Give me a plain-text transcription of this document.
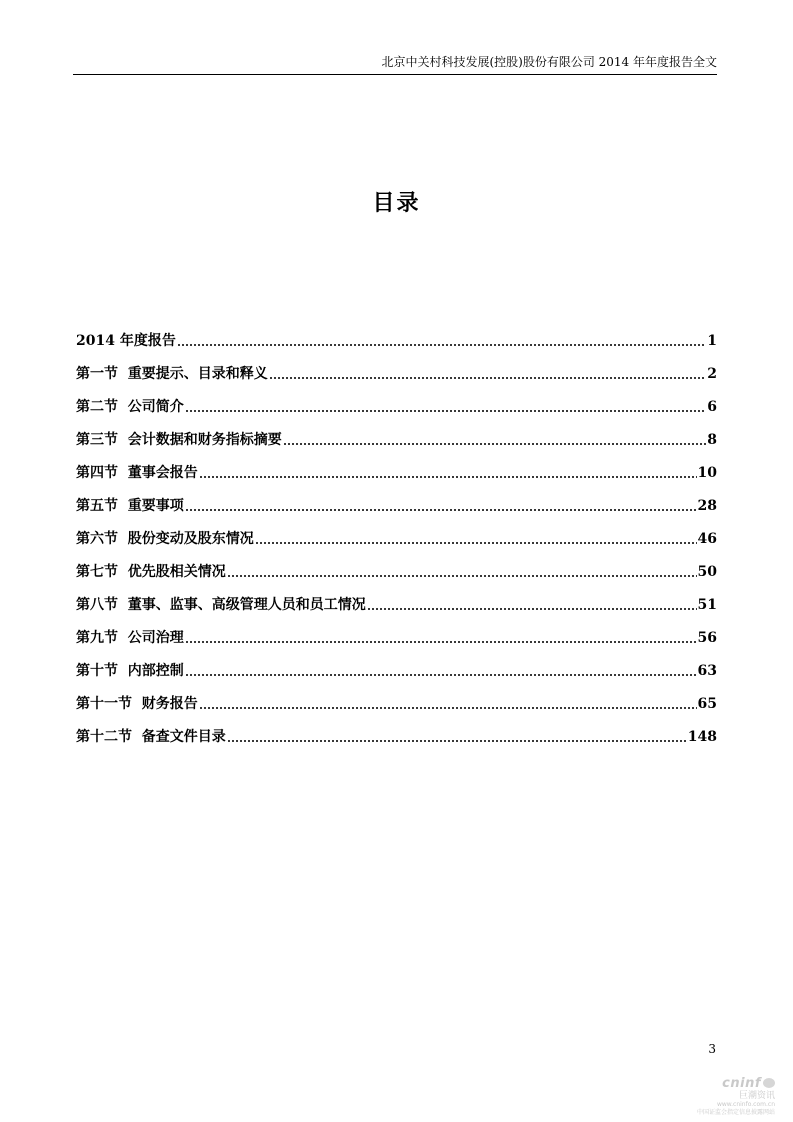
北京中关村科技发展(控股)股份有限公司 2014 年年度报告全文
目录
2014 年度报告	1
第一节  重要提示、目录和释义	2
第二节  公司简介	6
第三节  会计数据和财务指标摘要	8
第四节  董事会报告	10
第五节  重要事项	28
第六节  股份变动及股东情况	46
第七节  优先股相关情况	50
第八节  董事、监事、高级管理人员和员工情况	51
第九节  公司治理	56
第十节  内部控制	63
第十一节  财务报告	65
第十二节  备查文件目录	148
3
cninf
巨潮资讯
www.cninfo.com.cn
中国证监会指定信息披露网站
